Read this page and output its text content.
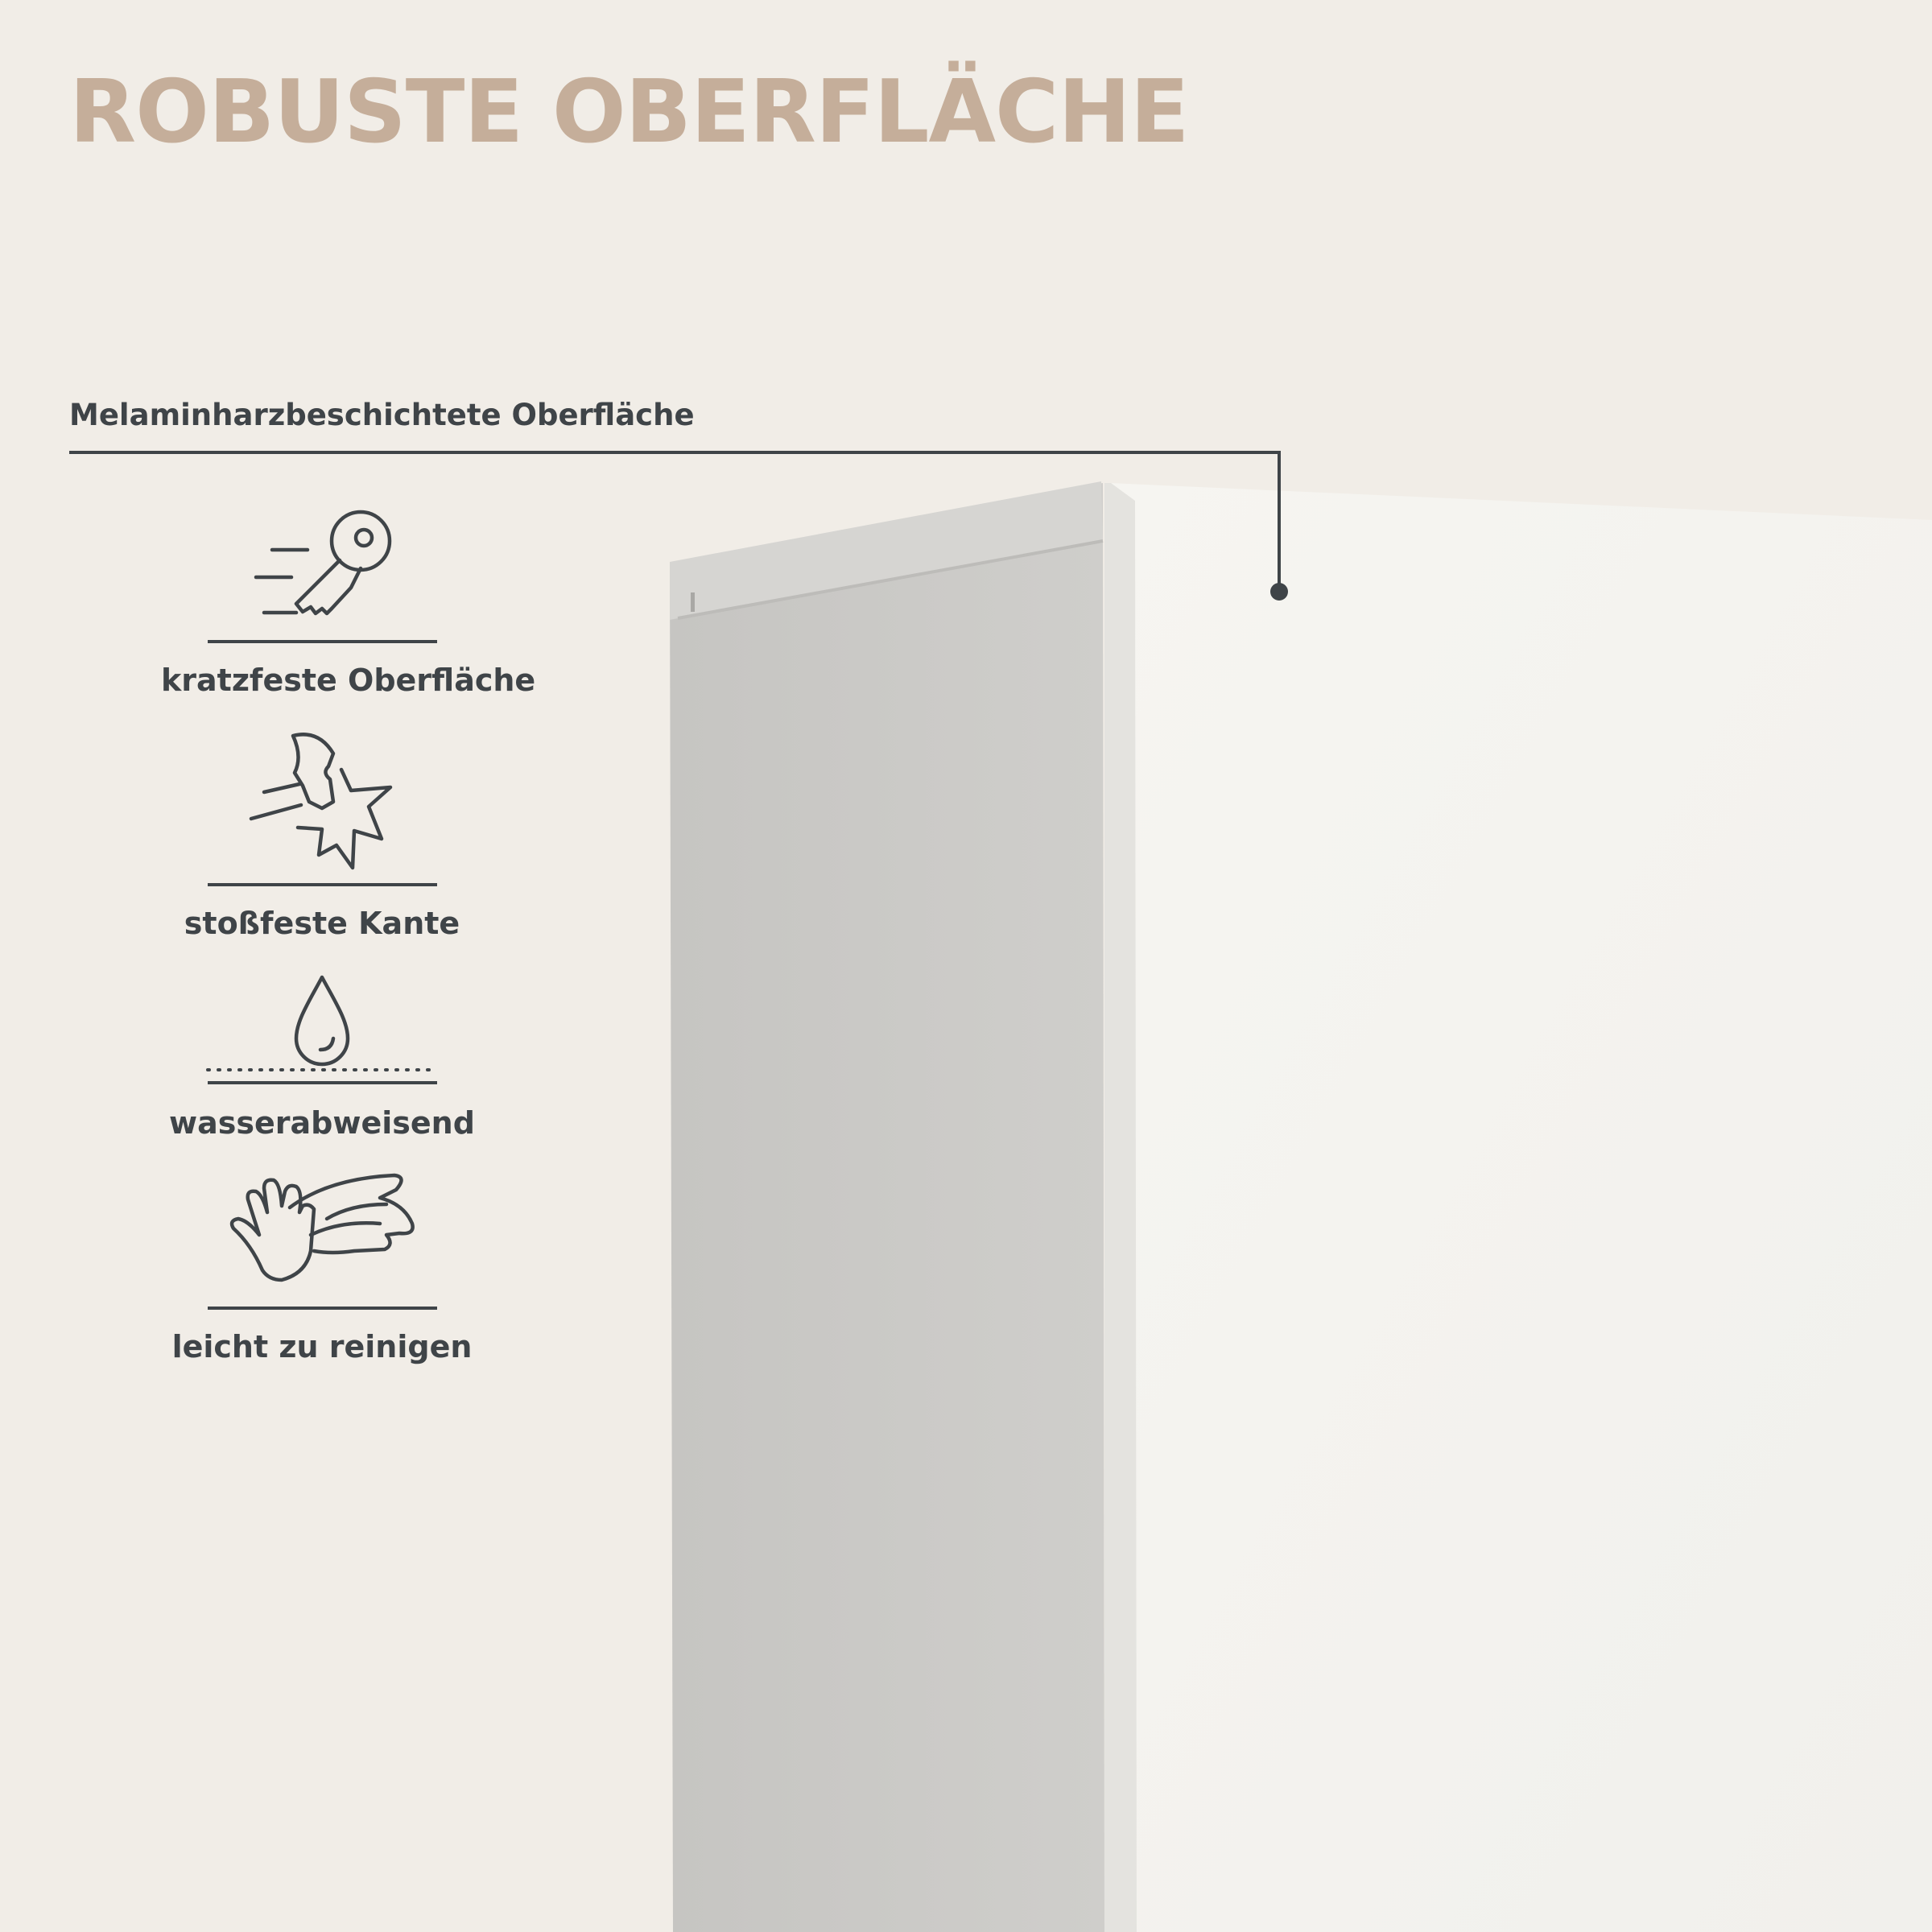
ROBUSTE OBERFLÄCHE
Melaminharzbeschichtete Oberfläche
kratzfeste Oberfläche
stoßfeste Kante
wasserabweisend
leicht zu reinigen
